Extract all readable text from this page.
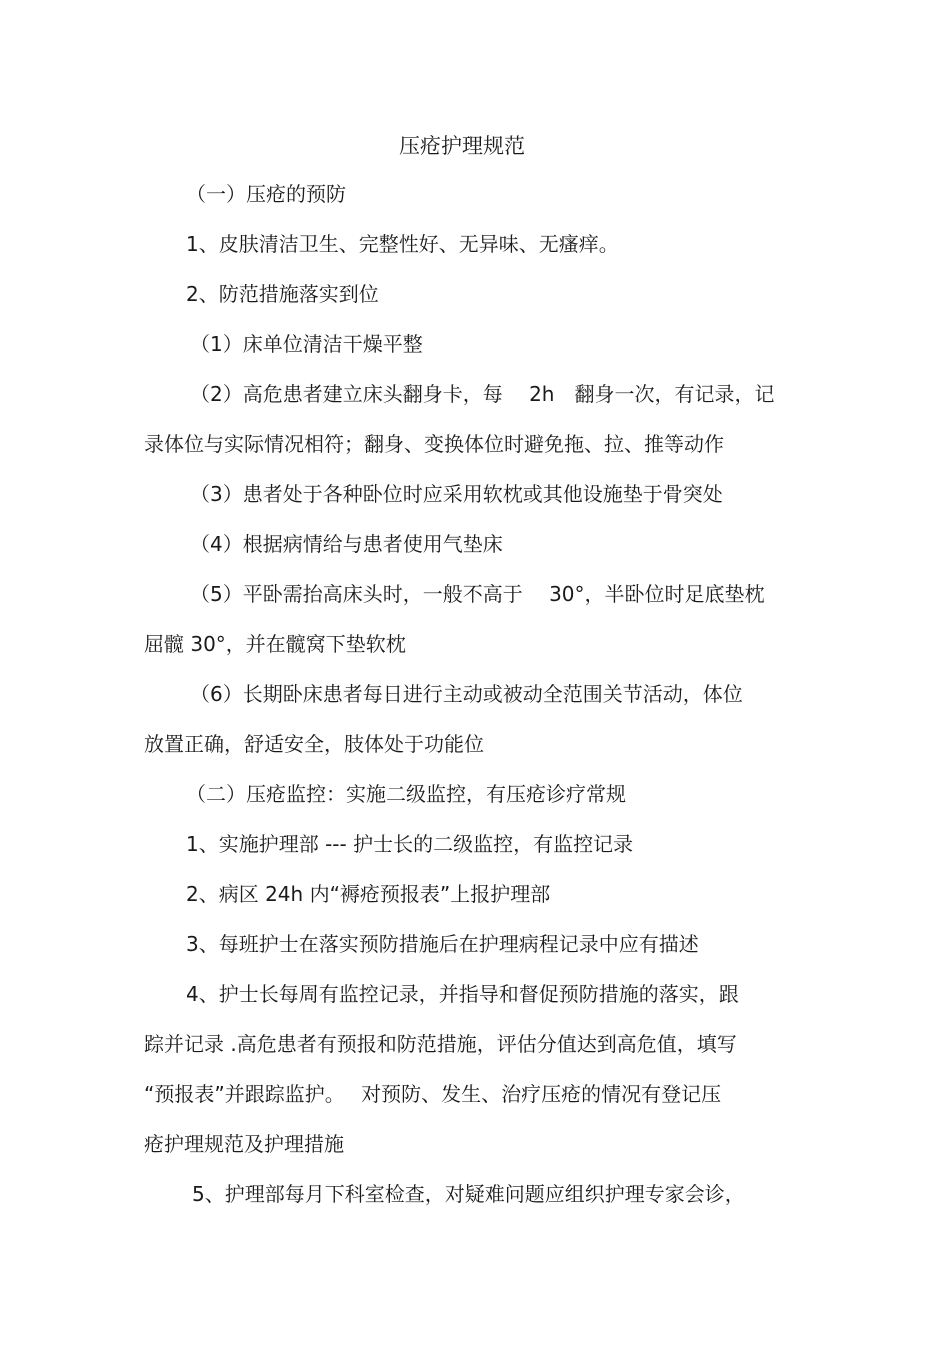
压疮护理规范
（一）压疮的预防
1、皮肤清洁卫生、完整性好、无异味、无瘙痒。
2、防范措施落实到位
（1）床单位清洁干燥平整
（2）高危患者建立床头翻身卡，每　 2h　翻身一次，有记录，记
录体位与实际情况相符；翻身、变换体位时避免拖、拉、推等动作
（3）患者处于各种卧位时应采用软枕或其他设施垫于骨突处
（4）根据病情给与患者使用气垫床
（5）平卧需抬高床头时，一般不高于　 30°，半卧位时足底垫枕
屈髋 30°，并在髋窝下垫软枕
（6）长期卧床患者每日进行主动或被动全范围关节活动，体位
放置正确，舒适安全，肢体处于功能位
（二）压疮监控：实施二级监控，有压疮诊疗常规
1、实施护理部 --- 护士长的二级监控，有监控记录
2、病区 24h 内“褥疮预报表”上报护理部
3、每班护士在落实预防措施后在护理病程记录中应有描述
4、护士长每周有监控记录，并指导和督促预防措施的落实，跟
踪并记录 .高危患者有预报和防范措施，评估分值达到高危值，填写
“预报表”并跟踪监护。　 对预防、发生、治疗压疮的情况有登记压
疮护理规范及护理措施
5、护理部每月下科室检查，对疑难问题应组织护理专家会诊，
